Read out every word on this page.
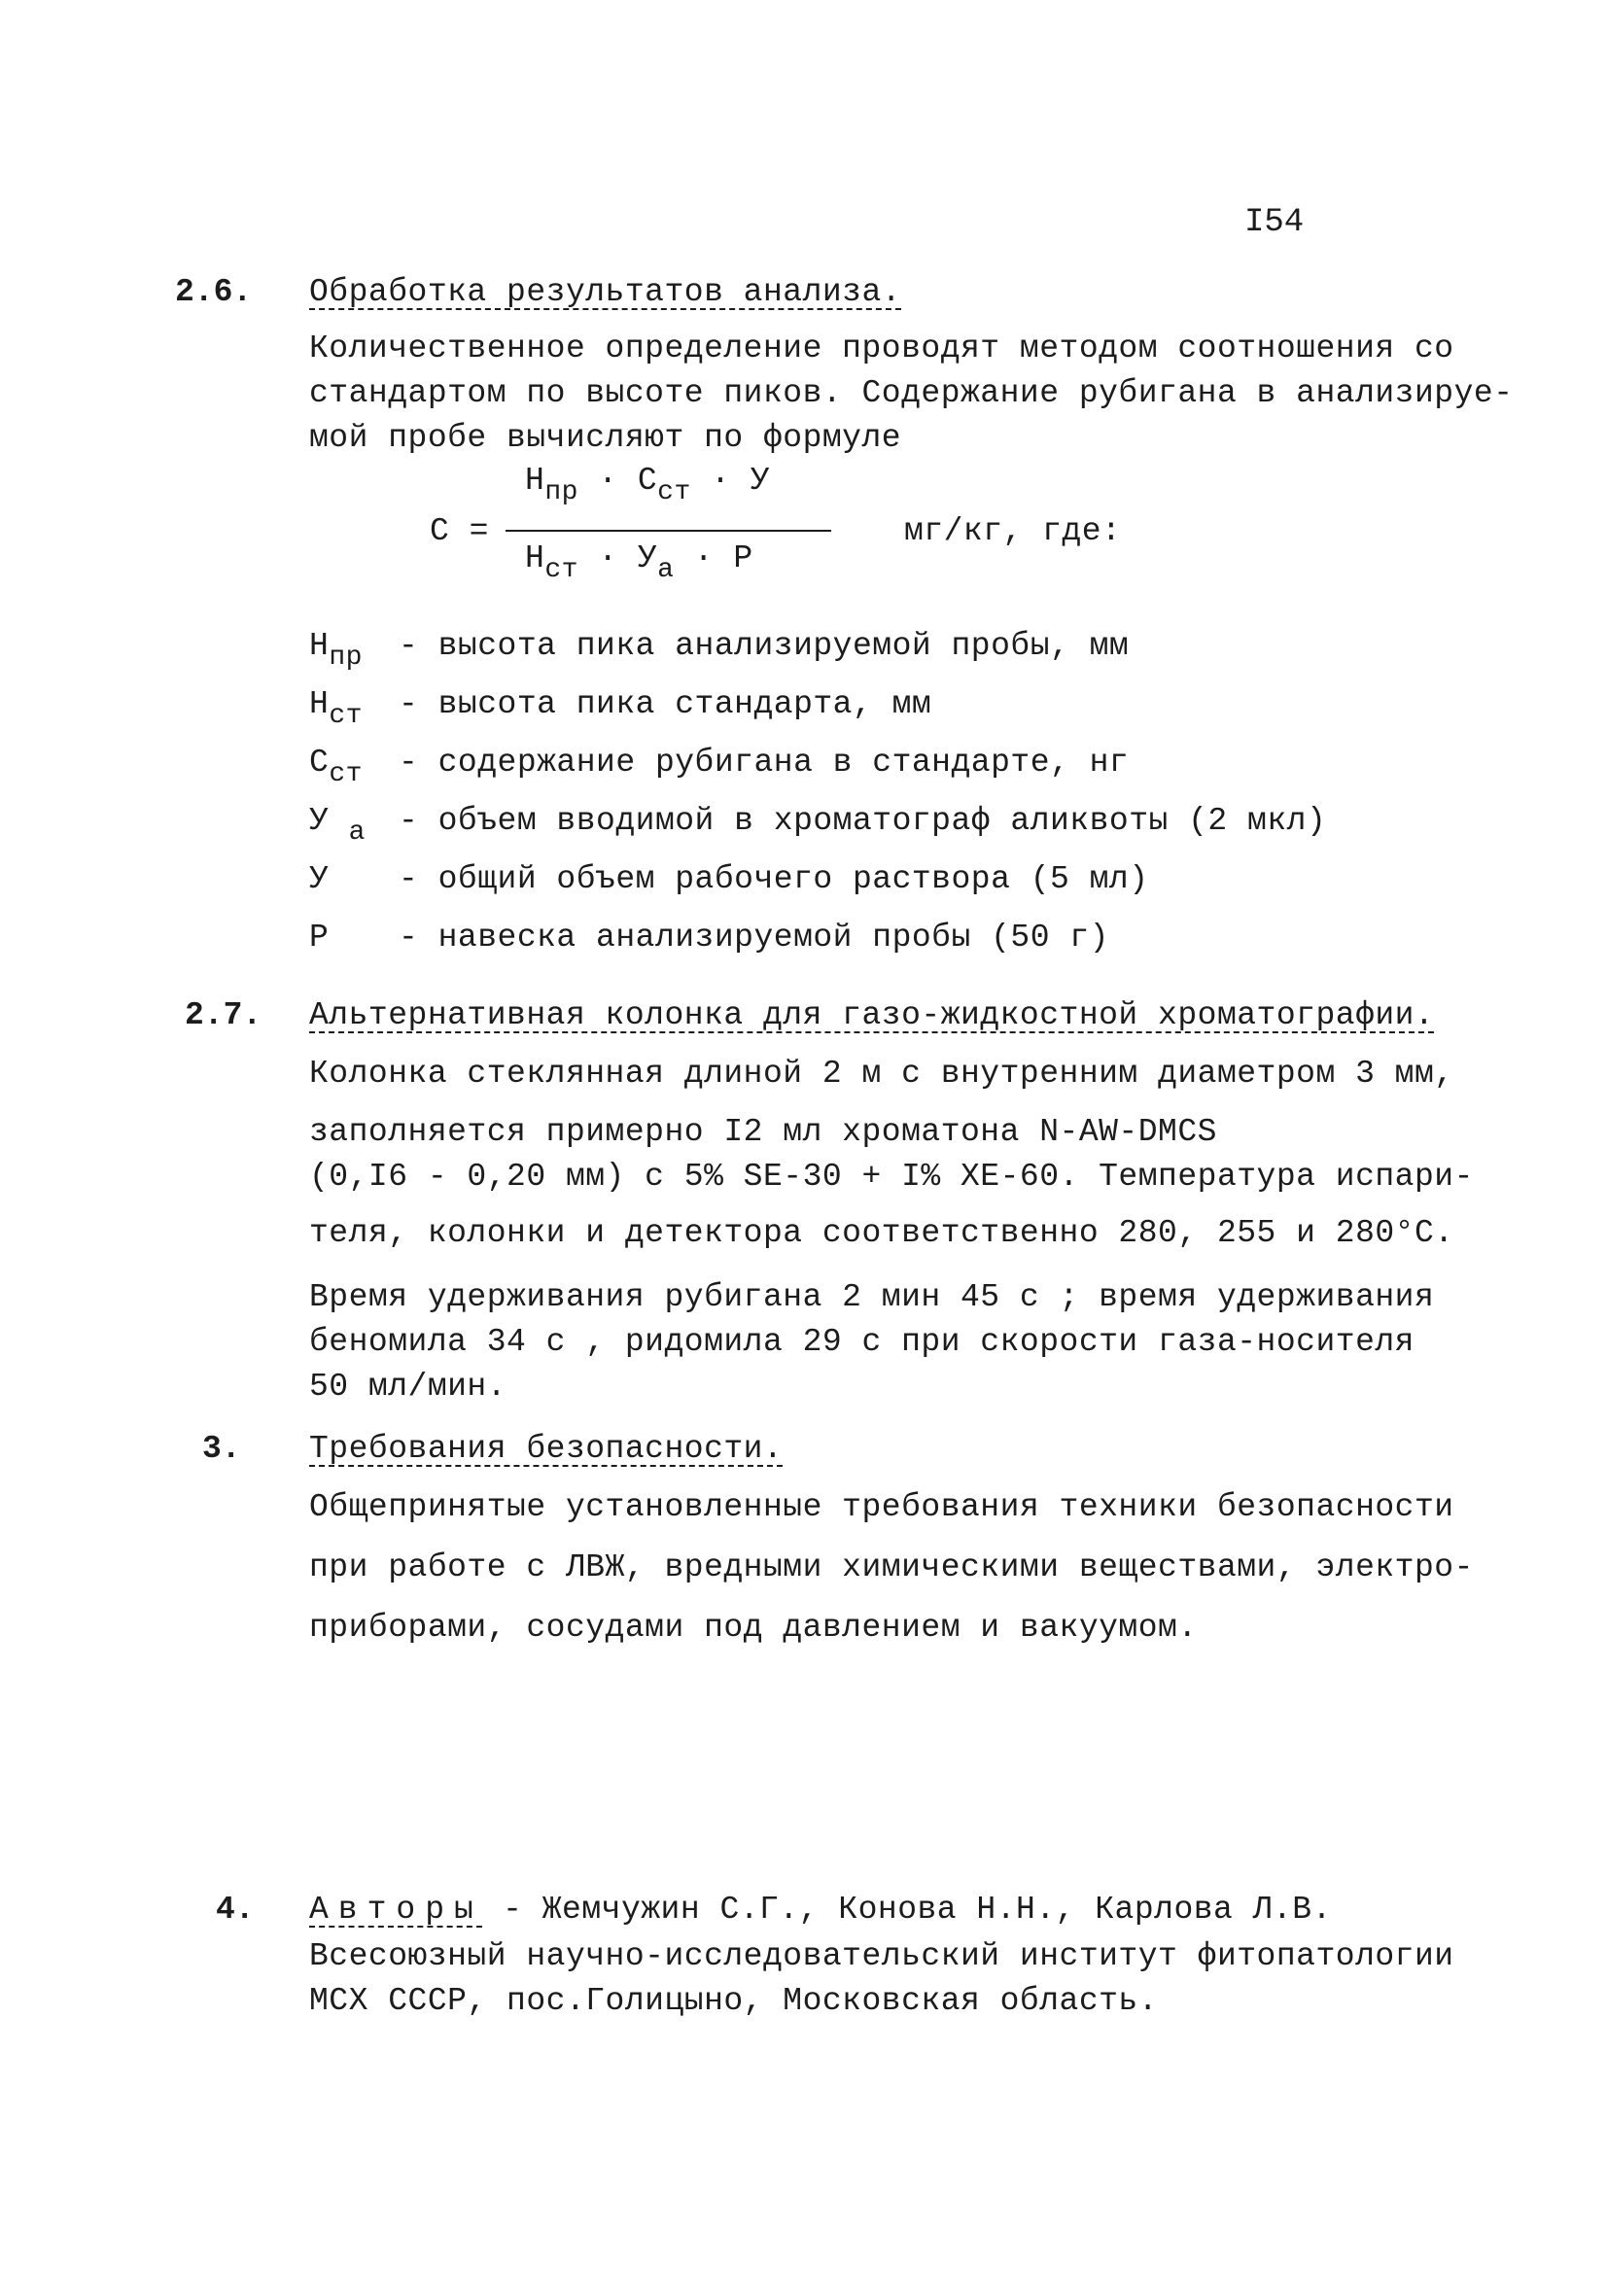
I54
2.6. Обработка результатов анализа.
Количественное определение проводят методом соотношения со
стандартом по высоте пиков. Содержание рубигана в анализируе-
мой пробе вычисляют по формуле
$Н_{пр} \cdot С_{ст} \cdot У$
С =	мг/кг, где:
$Н_{ст} \cdot У_а \cdot Р$
$Н_{пр}$ - высота пика анализируемой пробы, мм
$Н_{ст}$ - высота пика стандарта, мм
$С_{ст}$ - содержание рубигана в стандарте, нг
У $_а$ - объем вводимой в хроматограф аликвоты (2 мкл)
У - общий объем рабочего раствора (5 мл)
Р - навеска анализируемой пробы (50 г)
2.7. Альтернативная колонка для газо-жидкостной хроматографии.
Колонка стеклянная длиной 2 м с внутренним диаметром 3 мм,
заполняется примерно I2 мл хроматона N-AW-DMCS
(0,I6 - 0,20 мм) с 5% SE-30 + I% XE-60. Температура испари-
теля, колонки и детектора соответственно 280, 255 и 280°С.
Время удерживания рубигана 2 мин 45 с ; время удерживания
беномила 34 с , ридомила 29 с при скорости газа-носителя
50 мл/мин.
3. Требования безопасности.
Общепринятые установленные требования техники безопасности
при работе с ЛВЖ, вредными химическими веществами, электро-
приборами, сосудами под давлением и вакуумом.
4. Авторы - Жемчужин С.Г., Конова Н.Н., Карлова Л.В.
Всесоюзный научно-исследовательский институт фитопатологии
МСХ СССР, пос.Голицыно, Московская область.
